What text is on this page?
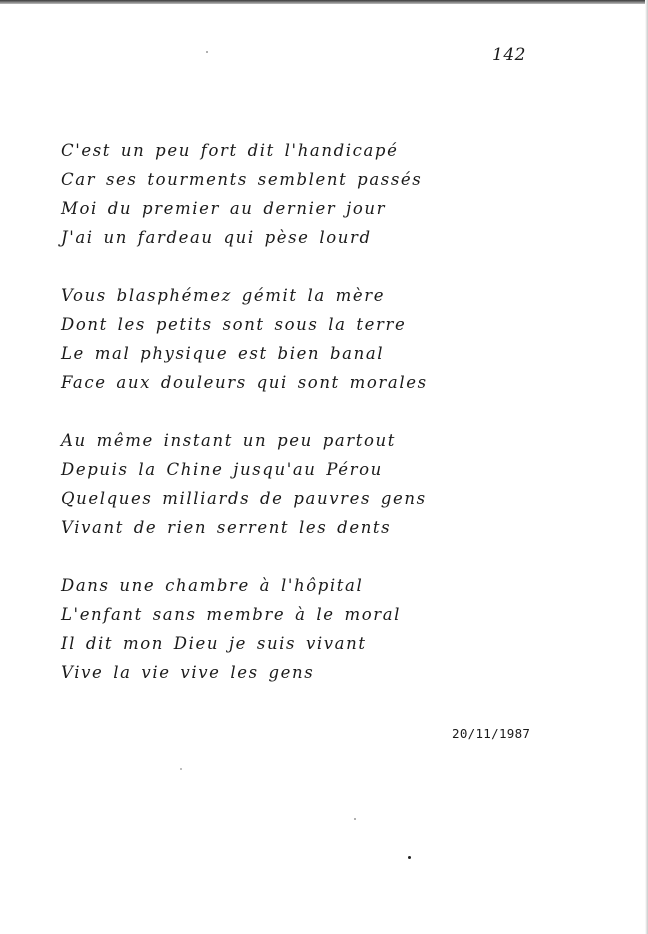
142
C'est un peu fort dit l'handicapé
Car ses tourments semblent passés
Moi du premier au dernier jour
J'ai un fardeau qui pèse lourd
Vous blasphémez gémit la mère
Dont les petits sont sous la terre
Le mal physique est bien banal
Face aux douleurs qui sont morales
Au même instant un peu partout
Depuis la Chine jusqu'au Pérou
Quelques milliards de pauvres gens
Vivant de rien serrent les dents
Dans une chambre à l'hôpital
L'enfant sans membre à le moral
Il dit mon Dieu je suis vivant
Vive la vie vive les gens
20/11/1987
